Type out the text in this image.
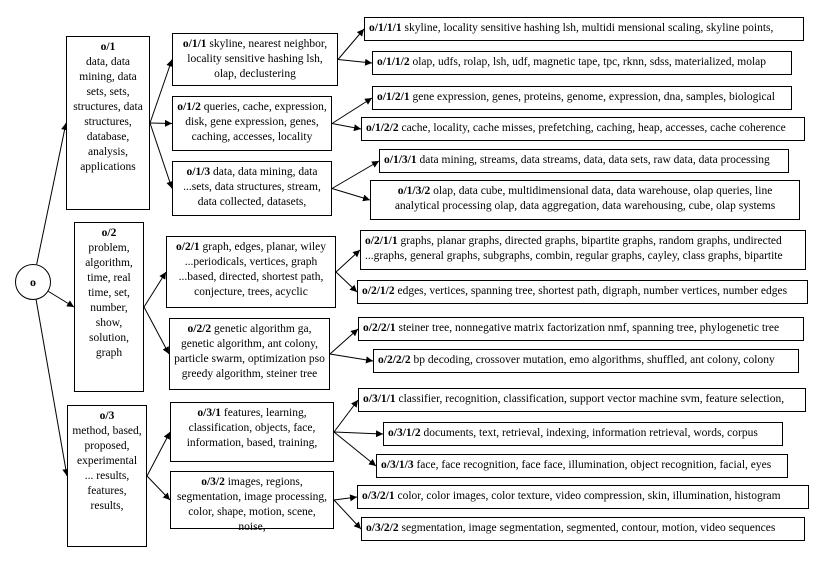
o
o/1
data, data mining, data sets, sets, structures, data structures, database, analysis, applications
o/2
problem, algorithm, time, real time, set, number, show, solution, graph
o/3
method, based, proposed, experimental ... results, features, results,
o/1/1 skyline, nearest neighbor, locality sensitive hashing lsh, olap, declustering
o/1/2 queries, cache, expression, disk, gene expression, genes, caching, accesses, locality
o/1/3 data, data mining, data ...sets, data structures, stream, data collected, datasets,
o/2/1 graph, edges, planar, wiley ...periodicals, vertices, graph ...based, directed, shortest path, conjecture, trees, acyclic
o/2/2 genetic algorithm ga, genetic algorithm, ant colony, particle swarm, optimization pso greedy algorithm, steiner tree
o/3/1 features, learning, classification, objects, face, information, based, training,
o/3/2 images, regions, segmentation, image processing, color, shape, motion, scene, noise,
o/1/1/1 skyline, locality sensitive hashing lsh, multidi mensional scaling, skyline points,
o/1/1/2 olap, udfs, rolap, lsh, udf, magnetic tape, tpc, rknn, sdss, materialized, molap
o/1/2/1 gene expression, genes, proteins, genome, expression, dna, samples, biological
o/1/2/2 cache, locality, cache misses, prefetching, caching, heap, accesses, cache coherence
o/1/3/1 data mining, streams, data streams, data, data sets, raw data, data processing
o/1/3/2 olap, data cube, multidimensional data, data warehouse, olap queries, line analytical processing olap, data aggregation, data warehousing, cube, olap systems
o/2/1/1 graphs, planar graphs, directed graphs, bipartite graphs, random graphs, undirected ...graphs, general graphs, subgraphs, combin, regular graphs, cayley, class graphs, bipartite
o/2/1/2 edges, vertices, spanning tree, shortest path, digraph, number vertices, number edges
o/2/2/1 steiner tree, nonnegative matrix factorization nmf, spanning tree, phylogenetic tree
o/2/2/2 bp decoding, crossover mutation, emo algorithms, shuffled, ant colony, colony
o/3/1/1 classifier, recognition, classification, support vector machine svm, feature selection,
o/3/1/2 documents, text, retrieval, indexing, information retrieval, words, corpus
o/3/1/3 face, face recognition, face face, illumination, object recognition, facial, eyes
o/3/2/1 color, color images, color texture, video compression, skin, illumination, histogram
o/3/2/2 segmentation, image segmentation, segmented, contour, motion, video sequences
